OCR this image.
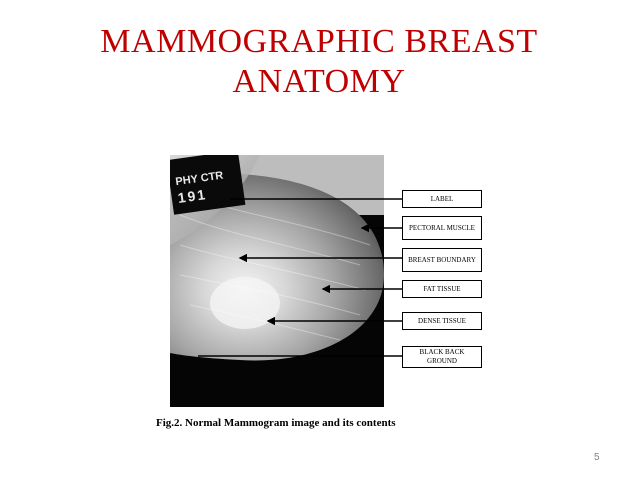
MAMMOGRAPHIC BREAST
ANATOMY
PHY CTR
191	LABEL
PECTORAL MUSCLE
BREAST BOUNDARY
FAT TISSUE
DENSE TISSUE
BLACK BACK GROUND
Fig.2. Normal Mammogram image and its contents
5
